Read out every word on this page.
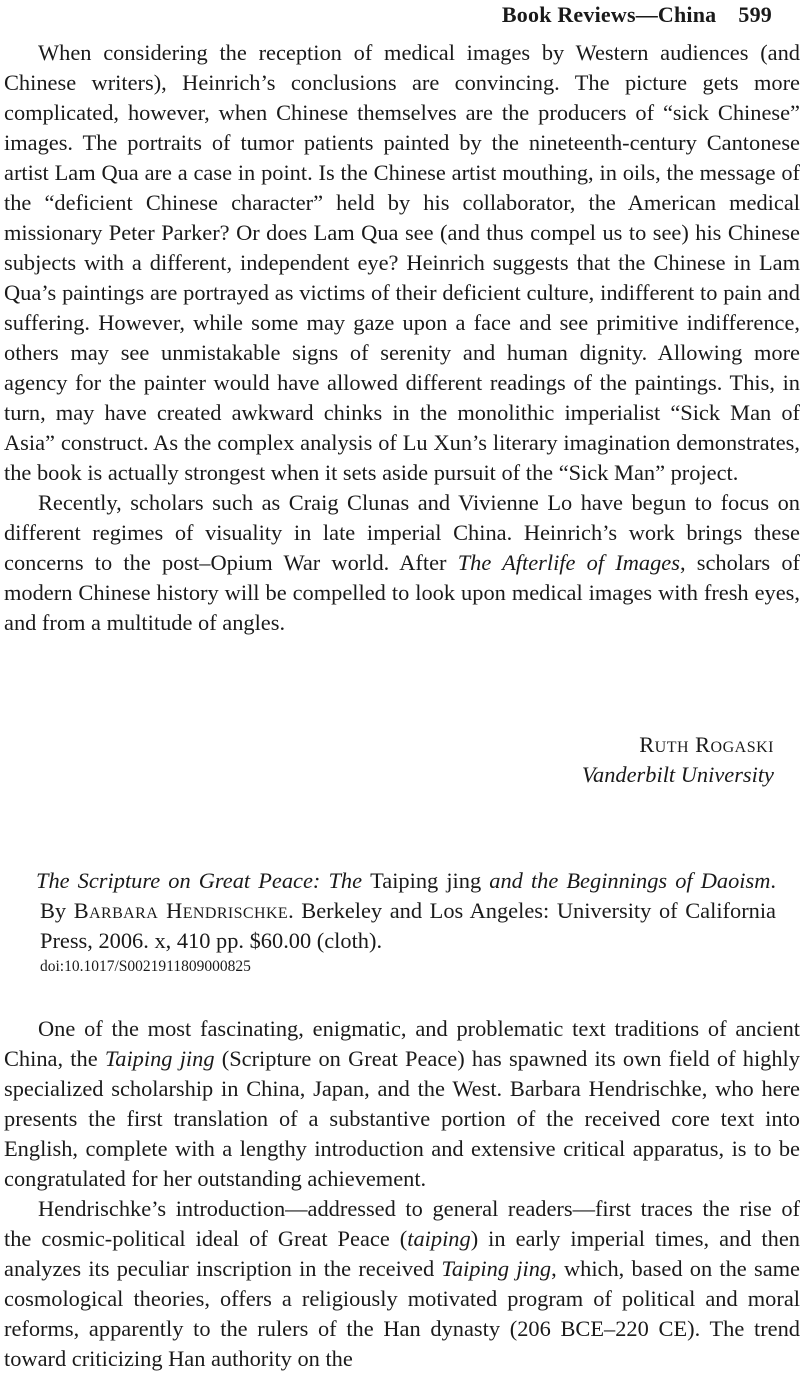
Book Reviews—China 599

When considering the reception of medical images by Western audiences (and Chinese writers), Heinrich’s conclusions are convincing. The picture gets more complicated, however, when Chinese themselves are the producers of “sick Chinese” images. The portraits of tumor patients painted by the nineteenth-century Cantonese artist Lam Qua are a case in point. Is the Chinese artist mouthing, in oils, the message of the “deficient Chinese character” held by his collaborator, the American medical missionary Peter Parker? Or does Lam Qua see (and thus compel us to see) his Chinese subjects with a different, independent eye? Heinrich suggests that the Chinese in Lam Qua’s paintings are portrayed as victims of their deficient culture, indifferent to pain and suffering. However, while some may gaze upon a face and see primitive indifference, others may see unmistakable signs of serenity and human dignity. Allowing more agency for the painter would have allowed different readings of the paintings. This, in turn, may have created awkward chinks in the monolithic imperialist “Sick Man of Asia” construct. As the complex analysis of Lu Xun’s literary imagination demonstrates, the book is actually strongest when it sets aside pursuit of the “Sick Man” project.

Recently, scholars such as Craig Clunas and Vivienne Lo have begun to focus on different regimes of visuality in late imperial China. Heinrich’s work brings these concerns to the post–Opium War world. After The Afterlife of Images, scholars of modern Chinese history will be compelled to look upon medical images with fresh eyes, and from a multitude of angles.

Ruth Rogaski
Vanderbilt University

The Scripture on Great Peace: The Taiping jing and the Beginnings of Daoism. By Barbara Hendrischke. Berkeley and Los Angeles: University of California Press, 2006. x, 410 pp. $60.00 (cloth).

doi:10.1017/S0021911809000825

One of the most fascinating, enigmatic, and problematic text traditions of ancient China, the Taiping jing (Scripture on Great Peace) has spawned its own field of highly specialized scholarship in China, Japan, and the West. Barbara Hendrischke, who here presents the first translation of a substantive portion of the received core text into English, complete with a lengthy introduction and extensive critical apparatus, is to be congratulated for her outstanding achievement.

Hendrischke’s introduction—addressed to general readers—first traces the rise of the cosmic-political ideal of Great Peace (taiping) in early imperial times, and then analyzes its peculiar inscription in the received Taiping jing, which, based on the same cosmological theories, offers a religiously motivated program of political and moral reforms, apparently to the rulers of the Han dynasty (206 BCE–220 CE). The trend toward criticizing Han authority on the
